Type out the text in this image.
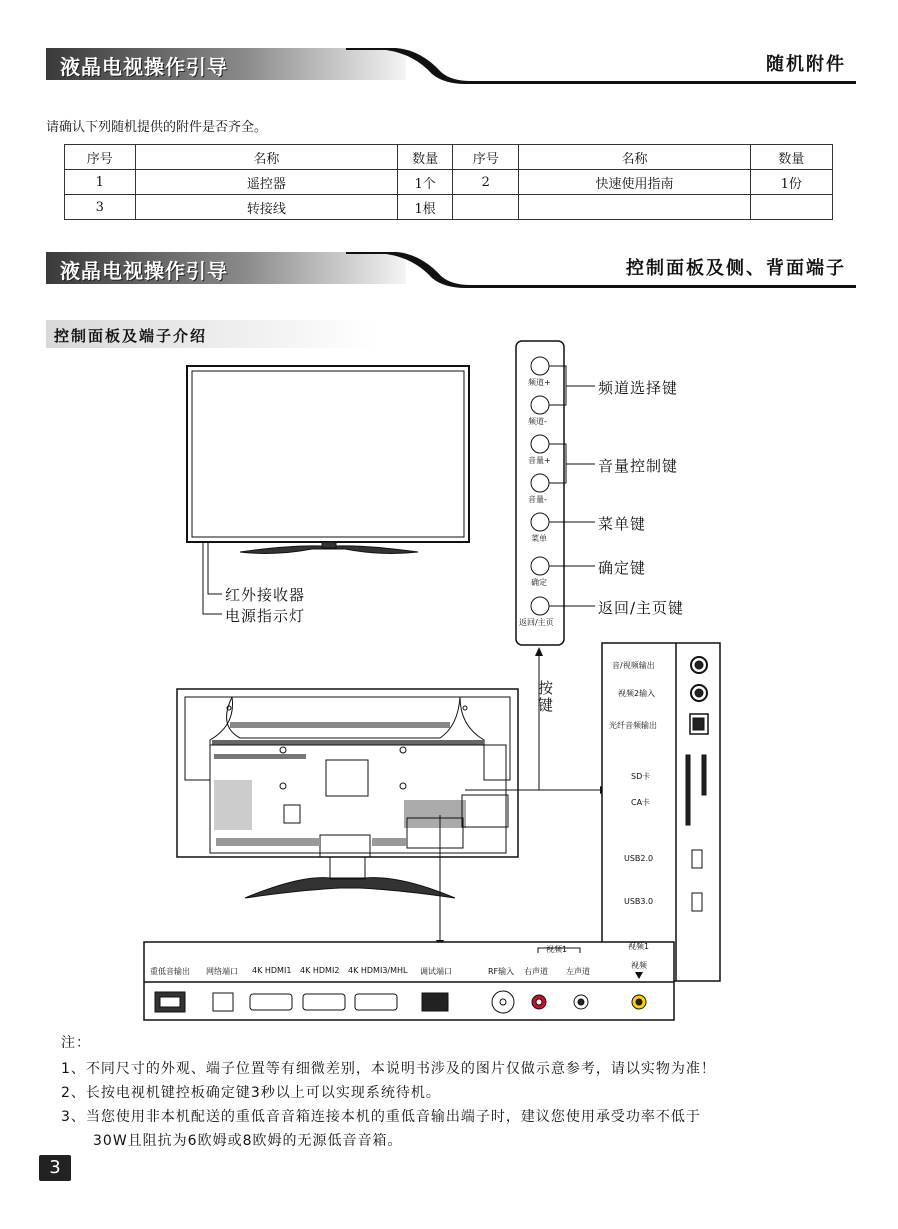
液晶电视操作引导	随机附件
请确认下列随机提供的附件是否齐全。
序号	名称	数量	序号	名称	数量
1	遥控器	1个	2	快速使用指南	1份
3	转接线	1根			
液晶电视操作引导	控制面板及侧、背面端子
控制面板及端子介绍
频道+
频道-
音量+
音量-
菜单
确定
返回/主页
频道选择键
音量控制键
菜单键
确定键
返回/主页键
按键
红外接收器
电源指示灯
音/视频输出
视频2输入
光纤音频输出
SD卡
CA卡
USB2.0
USB3.0
视频1
视频
重低音输出 网络端口 4K HDMI1 4K HDMI2 4K HDMI3/MHL 调试端口	RF输入 右声道 左声道
视频1
注：
1、不同尺寸的外观、端子位置等有细微差别，本说明书涉及的图片仅做示意参考，请以实物为准！
2、长按电视机键控板确定键3秒以上可以实现系统待机。
3、当您使用非本机配送的重低音音箱连接本机的重低音输出端子时，建议您使用承受功率不低于
30W且阻抗为6欧姆或8欧姆的无源低音音箱。
3
